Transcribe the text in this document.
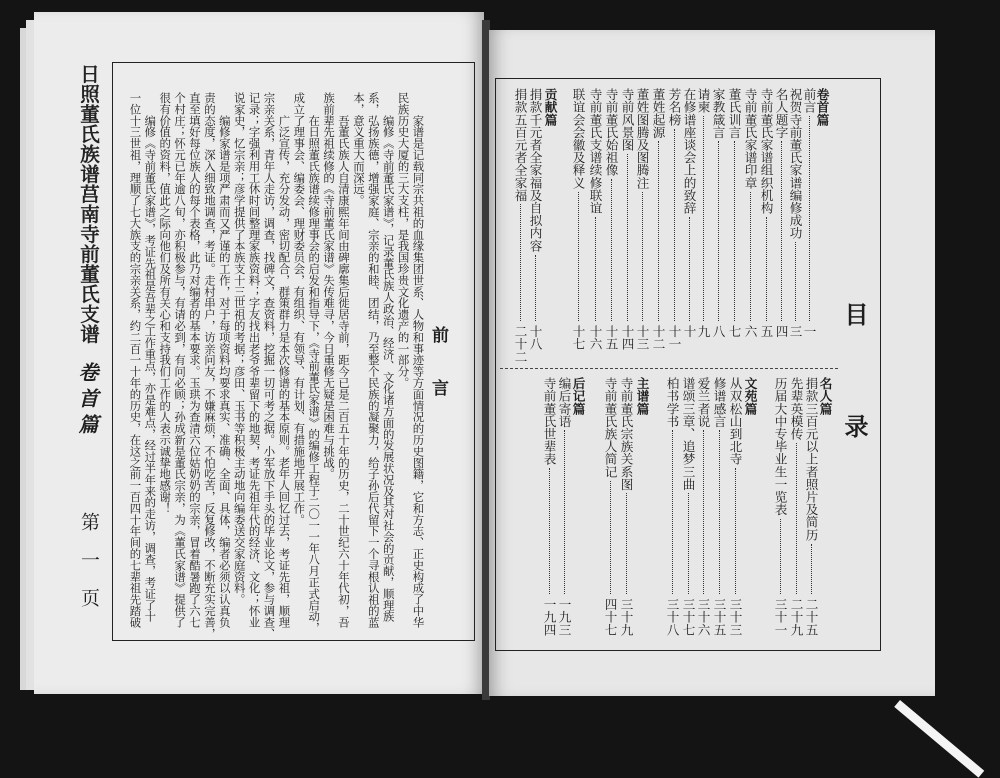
日照董氏族谱莒南寺前董氏支谱
卷首篇
第一页
前言
　　家谱是记载同宗共祖的血缘集团世系、人物和事迹等方面情况的历史图籍，它和方志、正史构成了中华
民族历史大厦的三大支柱，是我国珍贵文化遗产的一部分。
　　编修《寺前董氏家谱》，记录董氏族人政治、经济、文化诸方面的发展状况及其对社会的贡献，顺理族
系，弘扬族德，增强家庭、宗亲的和睦、团结，乃至整个民族的凝聚力，给子孙后代留下一个寻根认祖的蓝
本，意义重大而深远。
　　吾董氏族人自清康熙年间由碑廓集后徙居寺前，距今已是二百五十年的历史，二十世纪六十年代初，吾
族前辈先祖续修的《寺前董氏家谱》失传难寻，今日重修无疑是困难与挑战。
　　在日照董氏族谱续修理事会的启发和指导下，《寺前董氏家谱》的编修工程于二〇一一年八月正式启动，
成立了理事会、编委会、理财委员会，有组织、有领导、有计划、有措施地开展工作。
　　广泛宣传，充分发动，密切配合，群策群力是本次修谱的基本原则。老年人回忆过去，考证先祖，顺理
宗亲关系，青年人走访，调查，找碑文，查资料，挖掘一切可考之据。小军放下手头的毕业论文，参与调查、
记录；字强利用工休时间整理家族资料；字友找出老爷爷辈留下的地契，考证先祖年代的经济、文化；怀业
说家史，忆宗亲；彦学提供了本族支十三世祖的考据；彦田、玉书等积极主动地向编委送交家庭资料。
　　编修家谱是项严肃而又严谨的工作，对于每项资料均要求真实、准确、全面、具体，编者必须以认真负
责的态度，深入细致地调查，考证。走村串户，访亲问友，不嫌麻烦，不怕吃苦，反复修改，不断充实完善，
直至填好每位族人的每个表格，此乃对编者的基本要求。玉珙为查清六位姑奶奶的宗亲，冒着酷暑跑了六七
个村庄；怀元已年逾八旬，亦积极参与，有请必到，有问必顾；孙成新是董氏宗亲，为《董氏家谱》提供了
很有价值的资料，值此之际向他们及所有关心和支持我们工作的人表示诚挚地感谢！
　　编修《寺前董氏家谱》，考证先祖是吾辈之工作重点，亦是难点，经过半年来的走访，调查，考证了十
一位十三世祖，理顺了七大族支的宗亲关系，约二百一十年的历史，在这之前一百四十年间的七辈祖先踏破	目
录
卷首篇
一
前言
三
祝贺寺前董氏家谱编修成功
四
名人题字
五
寺前董氏家谱组织机构
六
寺前董氏家谱印章
七
董氏训言
八
家教箴言
九
请柬
十
在修谱座谈会上的致辞
十一
芳名榜
十二
董姓起源
十三
董姓图腾及图腾注
十四
寺前风景图
十五
寺前董氏始祖像
十六
寺前董氏支谱续修联谊
十七
联谊会会徽及释义
贡献篇
十八
捐款千元者全家福及自拟内容
二十二
捐款五百元者全家福
名人篇
二十五
捐款三百元以上者照片及简历
二十九
先辈英模传
三十一
历届大中专毕业生一览表
文苑篇
三十三
从双松山到北寺
三十五
修谱感言
三十六
爱兰者说
三十七
谱颂三章、追梦三曲
三十八
柏书学书
主谱篇
三十九
寺前董氏宗族关系图
四十七
寺前董氏族人简记
后记篇
一九三
编后寄语
一九四
寺前董氏世辈表
